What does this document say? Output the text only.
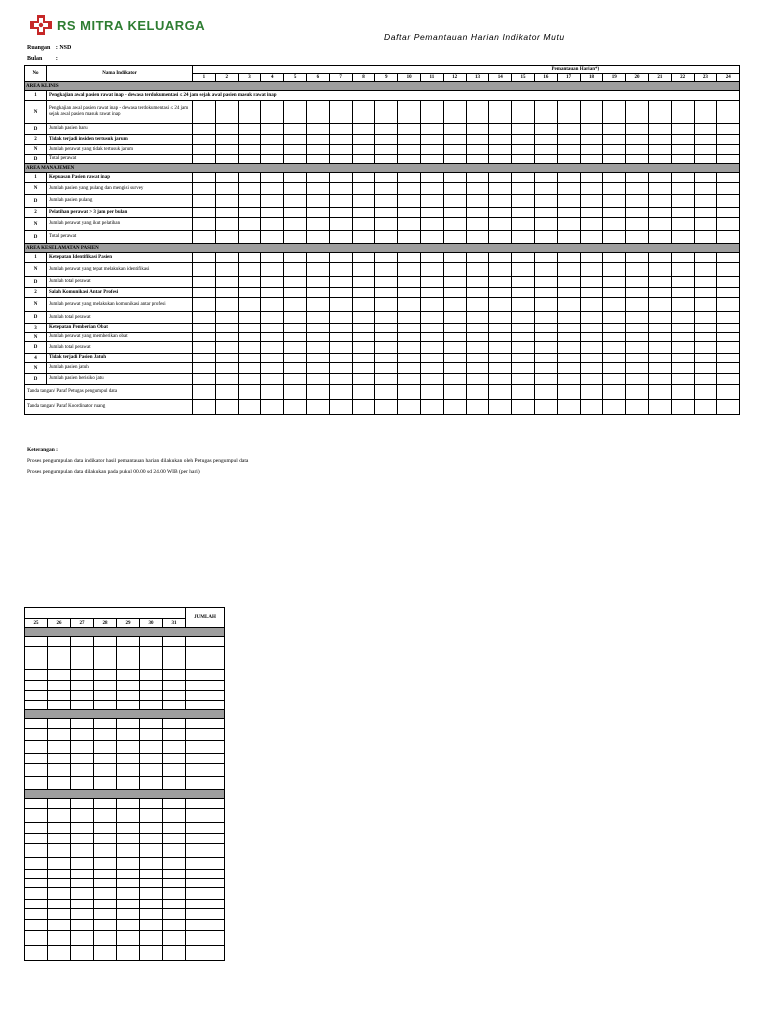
RS MITRA KELUARGA
Daftar Pemantauan Harian Indikator Mutu
Ruangan : NSD
Bulan :
No	Nama Indikator	Pemantauan Harian*)																							
		1	2	3	4	5	6	7	8	9	10	11	12	13	14	15	16	17	18	19	20	21	22	23	24
AREA KLINIS																									
1	Pengkajian awal pasien rawat inap - dewasa terdokumentasi ≤ 24 jam sejak awal pasien masuk rawat inap																								
N	Pengkajian awal pasien rawat inap - dewasa terdokumentasi ≤ 24 jam sejak awal pasien masuk rawat inap																								
D	Jumlah pasien baru																								
2	Tidak terjadi insiden tertusuk jarum																								
N	Jumlah perawat yang tidak tertusuk jarum																								
D	Total perawat																								
AREA MANAJEMEN																									
1	Kepuasan Pasien rawat inap																								
N	Jumlah pasien yang pulang dan mengisi survey																								
D	Jumlah pasien pulang																								
2	Pelatihan perawat > 3 jam per bulan																								
N	Jumlah perawat yang ikut pelatihan																								
D	Total perawat																								
AREA KESELAMATAN PASIEN																									
1	Ketepatan Identifikasi Pasien																								
N	Jumlah perawat yang tepat melakukan identifikasi																								
D	Jumlah total perawat																								
2	Salah Komunikasi Antar Profesi																								
N	Jumlah perawat yang melakukan komunikasi antar profesi																								
D	Jumlah total perawat																								
3	Ketepatan Pemberian Obat																								
N	Jumlah perawat yang memberikan obat																								
D	Jumlah total perawat																								
4	Tidak terjadi Pasien Jatuh																								
N	Jumlah pasien jatuh																								
D	Jumlah pasien berisiko jatu																								
Tanda tangan/ Paraf Petugas pengumpul data																									
Tanda tangan/ Paraf Koordinator ruang																									
Keterangan :
Proses pengumpulan data indikator hasil pemantauan harian dilakukan oleh Petugas pengumpul data
Proses pengumpulan data dilakukan pada pukul 00.00 sd 24.00 WIB (per hari)
							JUMLAH
25	26	27	28	29	30	31	
